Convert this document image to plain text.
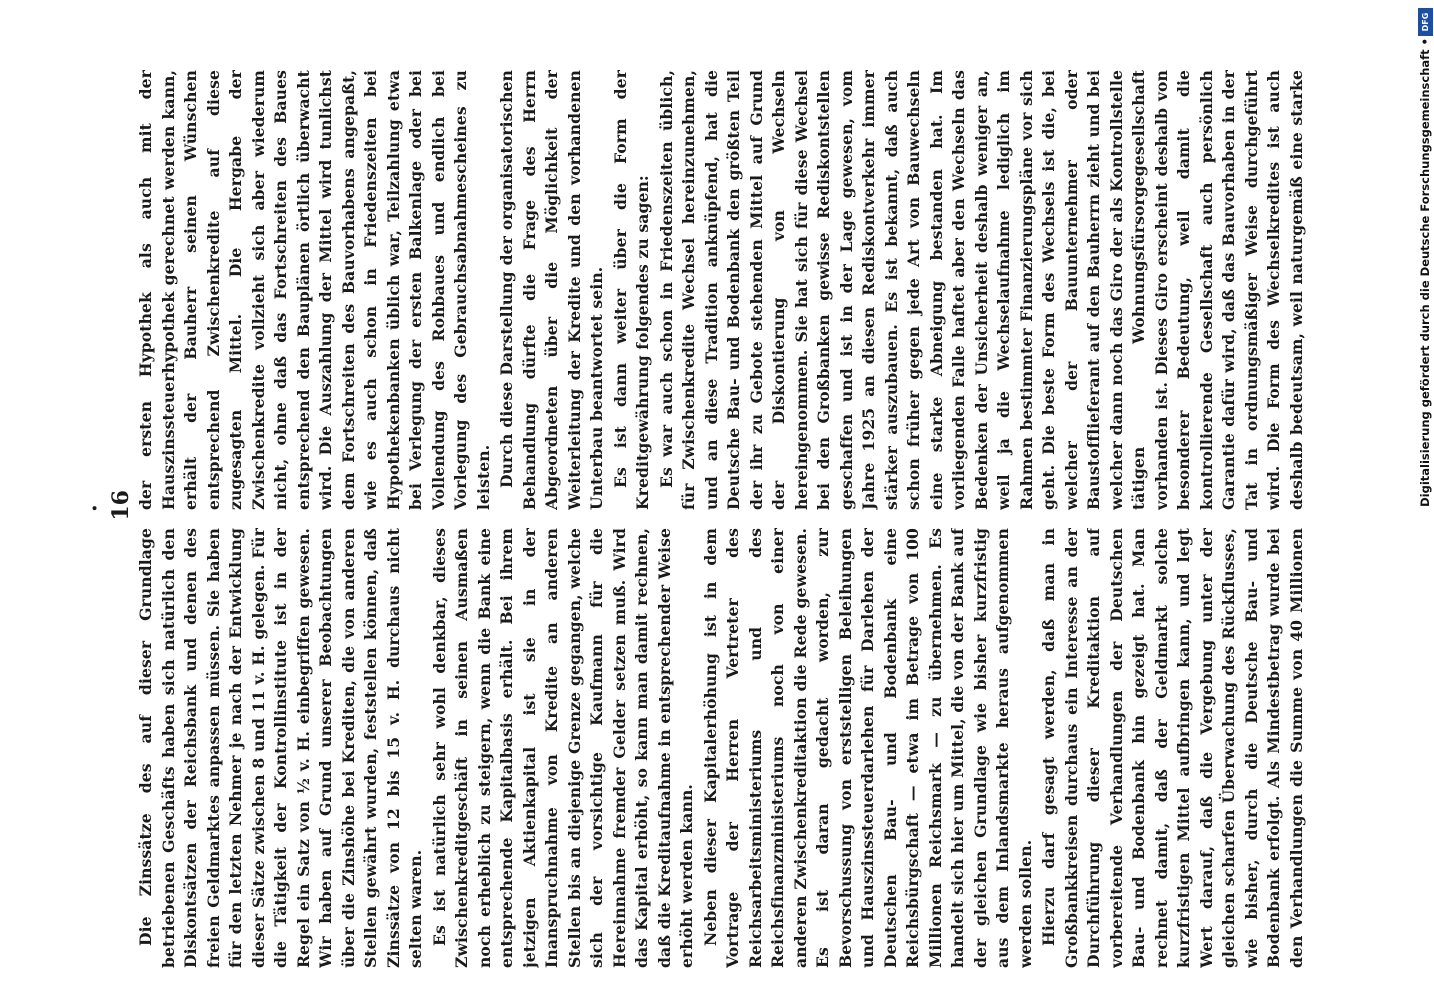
16
• der ersten Hypothek als auch mit der Hauszinssteuerhypothek gerechnet werden kann, erhält der Bauherr seinen Wünschen entsprechend Zwischenkredite auf diese zugesagten Mittel. Die Hergabe der Zwischenkredite vollzieht sich aber wiederum nicht, ohne daß das Fortschreiten des Baues entsprechend den Bauplänen örtlich überwacht wird. Die Auszahlung der Mittel wird tunlichst dem Fortschreiten des Bauvorhabens angepaßt, wie es auch schon in Friedenszeiten bei Hypothekenbanken üblich war, Teilzahlung etwa bei Verlegung der ersten Balkenlage oder bei Vollendung des Rohbaues und endlich bei Vorlegung des Gebrauchsabnahmescheines zu leisten. Durch diese Darstellung der organisatorischen Behandlung dürfte die Frage des Herrn Abgeordneten über die Möglichkeit der Weiterleitung der Kredite und den vorhandenen Unterbau beantwortet sein. Es ist dann weiter über die Form der Kreditgewährung folgendes zu sagen: Es war auch schon in Friedenszeiten üblich, für Zwischenkredite Wechsel hereinzunehmen, und an diese Tradition anknüpfend, hat die Deutsche Bau- und Bodenbank den größten Teil der ihr zu Gebote stehenden Mittel auf Grund der Diskontierung von Wechseln hereingenommen. Sie hat sich für diese Wechsel bei den Großbanken gewisse Rediskontstellen geschaffen und ist in der Lage gewesen, vom Jahre 1925 an diesen Rediskontverkehr immer stärker auszubauen. Es ist bekannt, daß auch schon früher gegen jede Art von Bauwechseln eine starke Abneigung bestanden hat. Im vorliegenden Falle haftet aber den Wechseln das Bedenken der Unsicherheit deshalb weniger an, weil ja die Wechselaufnahme lediglich im Rahmen bestimmter Finanzierungspläne vor sich geht. Die beste Form des Wechsels ist die, bei welcher der Bauunternehmer oder Baustofflieferant auf den Bauherrn zieht und bei welcher dann noch das Giro der als Kontrollstelle tätigen Wohnungsfürsorgegesellschaft vorhanden ist. Dieses Giro erscheint deshalb von besonderer Bedeutung, weil damit die kontrollierende Gesellschaft auch persönlich Garantie dafür wird, daß das Bauvorhaben in der Tat in ordnungsmäßiger Weise durchgeführt wird. Die Form des Wechselkredites ist auch deshalb bedeutsam, weil naturgemäß eine starke

Die Zinssätze des auf dieser Grundlage betriebenen Geschäfts haben sich natürlich den Diskontsätzen der Reichsbank und denen des freien Geldmarktes anpassen müssen. Sie haben für den letzten Nehmer je nach der Entwicklung dieser Sätze zwischen 8 und 11 v. H. gelegen. Für die Tätigkeit der Kontrollinstitute ist in der Regel ein Satz von ½ v. H. einbegriffen gewesen. Wir haben auf Grund unserer Beobachtungen über die Zinshöhe bei Krediten, die von anderen Stellen gewährt wurden, feststellen können, daß Zinssätze von 12 bis 15 v. H. durchaus nicht selten waren. Es ist natürlich sehr wohl denkbar, dieses Zwischenkreditgeschäft in seinen Ausmaßen noch erheblich zu steigern, wenn die Bank eine entsprechende Kapitalbasis erhält. Bei ihrem jetzigen Aktienkapital ist sie in der Inanspruchnahme von Kredite an anderen Stellen bis an diejenige Grenze gegangen, welche sich der vorsichtige Kaufmann für die Hereinnahme fremder Gelder setzen muß. Wird das Kapital erhöht, so kann man damit rechnen, daß die Kreditaufnahme in entsprechender Weise erhöht werden kann. Neben dieser Kapitalerhöhung ist in dem Vortrage der Herren Vertreter des Reichsarbeitsministeriums und des Reichsfinanzministeriums noch von einer anderen Zwischenkreditaktion die Rede gewesen. Es ist daran gedacht worden, zur Bevorschussung von erststelligen Beleihungen und Hauszinssteuerdarlehen für Darlehen der Deutschen Bau- und Bodenbank eine Reichsbürgschaft — etwa im Betrage von 100 Millionen Reichsmark — zu übernehmen. Es handelt sich hier um Mittel, die von der Bank auf der gleichen Grundlage wie bisher kurzfristig aus dem Inlandsmarkte heraus aufgenommen werden sollen. Hierzu darf gesagt werden, daß man in Großbankkreisen durchaus ein Interesse an der Durchführung dieser Kreditaktion auf vorbereitende Verhandlungen der Deutschen Bau- und Bodenbank hin gezeigt hat. Man rechnet damit, daß der Geldmarkt solche kurzfristigen Mittel aufbringen kann, und legt Wert darauf, daß die Vergebung unter der gleichen scharfen Überwachung des Rückflusses, wie bisher, durch die Deutsche Bau- und Bodenbank erfolgt. Als Mindestbetrag wurde bei den Verhandlungen die Summe von 40 Millionen

Digitalisierung gefördert durch die Deutsche Forschungsgemeinschaft •
DFG
